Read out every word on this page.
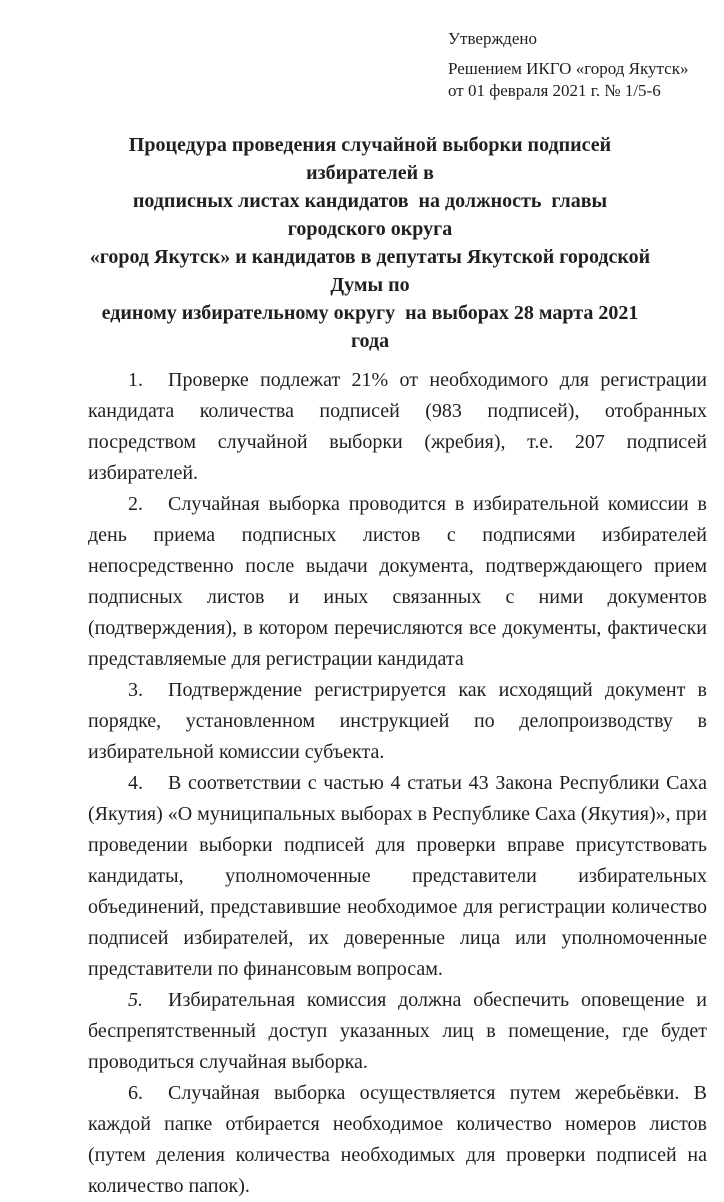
Утверждено

Решением ИКГО «город Якутск»
от 01 февраля 2021 г. № 1/5-6

Процедура проведения случайной выборки подписей избирателей в
подписных листах кандидатов  на должность  главы  городского округа
«город Якутск» и кандидатов в депутаты Якутской городской Думы по
единому избирательному округу  на выборах 28 марта 2021 года

1. Проверке подлежат 21% от необходимого для регистрации кандидата количества подписей (983 подписей), отобранных посредством случайной выборки (жребия), т.е. 207 подписей избирателей.

2. Случайная выборка проводится в избирательной комиссии в день приема подписных листов с подписями избирателей непосредственно после выдачи документа, подтверждающего прием подписных листов и иных связанных с ними документов (подтверждения), в котором перечисляются все документы, фактически представляемые для регистрации кандидата

3. Подтверждение регистрируется как исходящий документ в порядке, установленном инструкцией по делопроизводству в избирательной комиссии субъекта.

4. В соответствии с частью 4 статьи 43 Закона Республики Саха (Якутия) «О муниципальных выборах в Республике Саха (Якутия)», при проведении выборки подписей для проверки вправе присутствовать кандидаты, уполномоченные представители избирательных объединений, представившие необходимое для регистрации количество подписей избирателей, их доверенные лица или уполномоченные представители по финансовым вопросам.

5. Избирательная комиссия должна обеспечить оповещение и беспрепятственный доступ указанных лиц в помещение, где будет проводиться случайная выборка.

6. Случайная выборка осуществляется путем жеребьёвки. В каждой папке отбирается необходимое количество номеров листов (путем деления количества необходимых для проверки подписей на количество папок).
